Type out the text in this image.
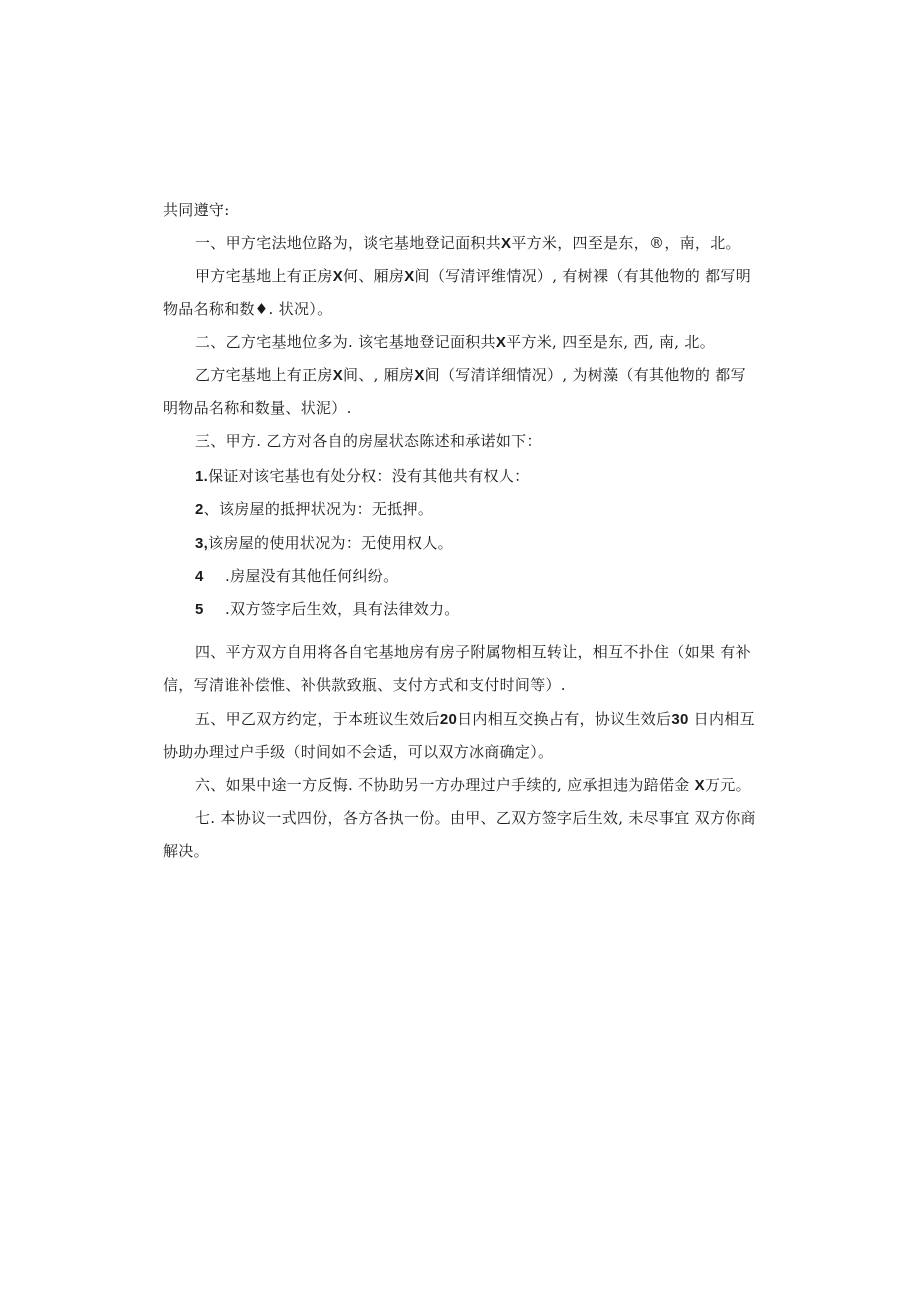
共同遵守:

一、甲方宅法地位路为，谈宅基地登记面积共X平方米，四至是东，®，南，北。

甲方宅基地上有正房X何、厢房X间（写清评维情况）, 有树裸（有其他物的 都写明

物品名称和数♦. 状况）。

二、乙方宅基地位多为. 该宅基地登记面积共X平方米, 四至是东, 西, 南, 北。

乙方宅基地上有正房X间、, 厢房X间（写清详细情况）, 为树藻（有其他物的 都写

明物品名称和数量、状泥）.

三、甲方. 乙方对各自的房屋状态陈述和承诺如下：

1.保证对该宅基也有处分权：没有其他共有权人：

2、该房屋的抵押状况为：无抵押。

3,该房屋的使用状况为：无使用权人。

4 .房屋没有其他任何纠纷。

5 .双方签字后生效，具有法律效力。

四、平方双方自用将各自宅基地房有房子附属物相互转让，相互不扑住（如果 有补

信，写清谁补偿惟、补供款致瓶、支付方式和支付时间等）.

五、甲乙双方约定，于本班议生效后20日内相互交换占有，协议生效后30 日内相互

协助办理过户手级（时间如不会适，可以双方冰商确定）。

六、如果中途一方反悔. 不协助另一方办理过户手续的, 应承担违为踣偌金 X万元。

七. 本协议一式四份，各方各执一份。由甲、乙双方签字后生效, 未尽事宜 双方你商

解决。
